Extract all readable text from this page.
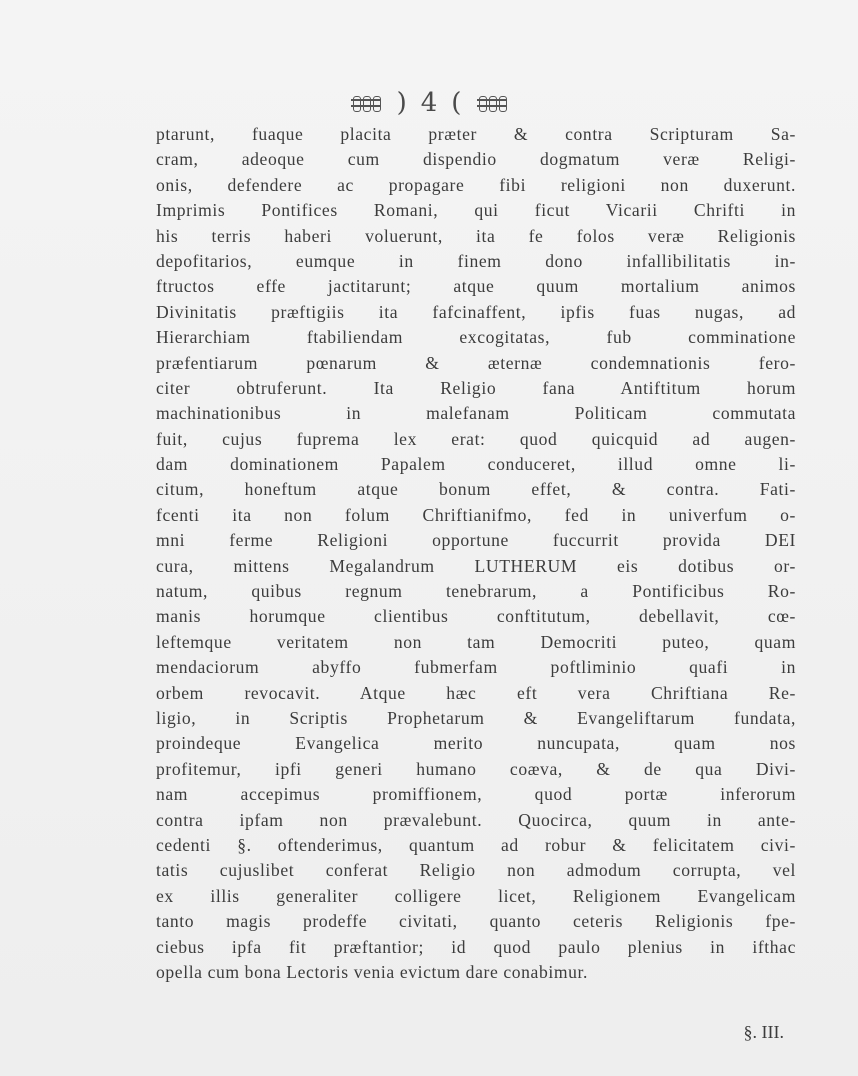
) 4 (
ptarunt, fuaque placita præter & contra Scripturam Sa-
cram, adeoque cum dispendio dogmatum veræ Religi-
onis, defendere ac propagare fibi religioni non duxerunt.
Imprimis Pontifices Romani, qui ficut Vicarii Chrifti in
his terris haberi voluerunt, ita fe folos veræ Religionis
depofitarios, eumque in finem dono infallibilitatis in-
ftructos effe jactitarunt; atque quum mortalium animos
Divinitatis præftigiis ita fafcinaffent, ipfis fuas nugas, ad
Hierarchiam ftabiliendam excogitatas, fub comminatione
præfentiarum pœnarum & æternæ condemnationis fero-
citer obtruferunt. Ita Religio fana Antiftitum horum
machinationibus in malefanam Politicam commutata
fuit, cujus fuprema lex erat: quod quicquid ad augen-
dam dominationem Papalem conduceret, illud omne li-
citum, honeftum atque bonum effet, & contra. Fati-
fcenti ita non folum Chriftianifmo, fed in univerfum o-
mni ferme Religioni opportune fuccurrit provida DEI
cura, mittens Megalandrum LUTHERUM eis dotibus or-
natum, quibus regnum tenebrarum, a Pontificibus Ro-
manis horumque clientibus conftitutum, debellavit, cœ-
leftemque veritatem non tam Democriti puteo, quam
mendaciorum abyffo fubmerfam poftliminio quafi in
orbem revocavit. Atque hæc eft vera Chriftiana Re-
ligio, in Scriptis Prophetarum & Evangeliftarum fundata,
proindeque Evangelica merito nuncupata, quam nos
profitemur, ipfi generi humano coæva, & de qua Divi-
nam accepimus promiffionem, quod portæ inferorum
contra ipfam non prævalebunt. Quocirca, quum in ante-
cedenti §. oftenderimus, quantum ad robur & felicitatem civi-
tatis cujuslibet conferat Religio non admodum corrupta, vel
ex illis generaliter colligere licet, Religionem Evangelicam
tanto magis prodeffe civitati, quanto ceteris Religionis fpe-
ciebus ipfa fit præftantior; id quod paulo plenius in ifthac
opella cum bona Lectoris venia evictum dare conabimur.
§. III.
